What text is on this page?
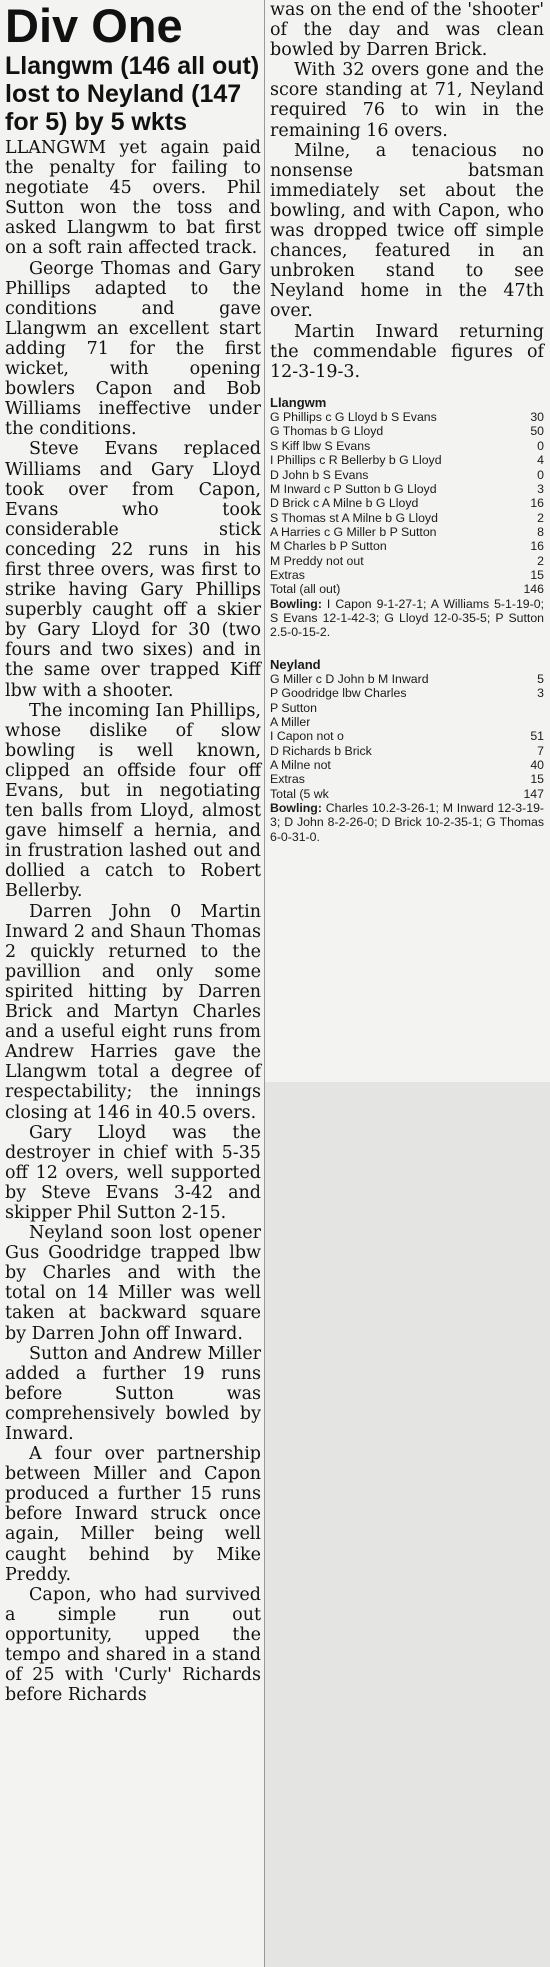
Div One
Llangwm (146 all out) lost to Neyland (147 for 5) by 5 wkts

LLANGWM yet again paid the penalty for failing to negotiate 45 overs. Phil Sutton won the toss and asked Llangwm to bat first on a soft rain affected track.

George Thomas and Gary Phillips adapted to the conditions and gave Llangwm an excellent start adding 71 for the first wicket, with opening bowlers Capon and Bob Williams ineffective under the conditions.

Steve Evans replaced Williams and Gary Lloyd took over from Capon, Evans who took considerable stick conceding 22 runs in his first three overs, was first to strike having Gary Phillips superbly caught off a skier by Gary Lloyd for 30 (two fours and two sixes) and in the same over trapped Kiff lbw with a shooter.

The incoming Ian Phillips, whose dislike of slow bowling is well known, clipped an offside four off Evans, but in negotiating ten balls from Lloyd, almost gave himself a hernia, and in frustration lashed out and dollied a catch to Robert Bellerby.

Darren John 0 Martin Inward 2 and Shaun Thomas 2 quickly returned to the pavillion and only some spirited hitting by Darren Brick and Martyn Charles and a useful eight runs from Andrew Harries gave the Llangwm total a degree of respectability; the innings closing at 146 in 40.5 overs.

Gary Lloyd was the destroyer in chief with 5-35 off 12 overs, well supported by Steve Evans 3-42 and skipper Phil Sutton 2-15.

Neyland soon lost opener Gus Goodridge trapped lbw by Charles and with the total on 14 Miller was well taken at backward square by Darren John off Inward.

Sutton and Andrew Miller added a further 19 runs before Sutton was comprehensively bowled by Inward.

A four over partnership between Miller and Capon produced a further 15 runs before Inward struck once again, Miller being well caught behind by Mike Preddy.

Capon, who had survived a simple run out opportunity, upped the tempo and shared in a stand of 25 with 'Curly' Richards before Richards

was on the end of the 'shooter' of the day and was clean bowled by Darren Brick.

With 32 overs gone and the score standing at 71, Neyland required 76 to win in the remaining 16 overs.

Milne, a tenacious no nonsense batsman immediately set about the bowling, and with Capon, who was dropped twice off simple chances, featured in an unbroken stand to see Neyland home in the 47th over.

Martin Inward returning the commendable figures of 12-3-19-3.

Llangwm
G Phillips c G Lloyd b S Evans	30
G Thomas b G Lloyd	50
S Kiff lbw S Evans	0
I Phillips c R Bellerby b G Lloyd	4
D John b S Evans	0
M Inward c P Sutton b G Lloyd	3
D Brick c A Milne b G Lloyd	16
S Thomas st A Milne b G Lloyd	2
A Harries c G Miller b P Sutton	8
M Charles b P Sutton	16
M Preddy not out	2
Extras	15
Total (all out)	146

Bowling: I Capon 9-1-27-1; A Williams 5-1-19-0; S Evans 12-1-42-3; G Lloyd 12-0-35-5; P Sutton 2.5-0-15-2.

Neyland
G Miller c D John b M Inward	5
P Goodridge lbw Charles	3
P Sutton
A Miller
I Capon not o	51
D Richards b Brick	7
A Milne not	40
Extras	15
Total (5 wk	147

Bowling: Charles 10.2-3-26-1; M Inward 12-3-19-3; D John 8-2-26-0; D Brick 10-2-35-1; G Thomas 6-0-31-0.
